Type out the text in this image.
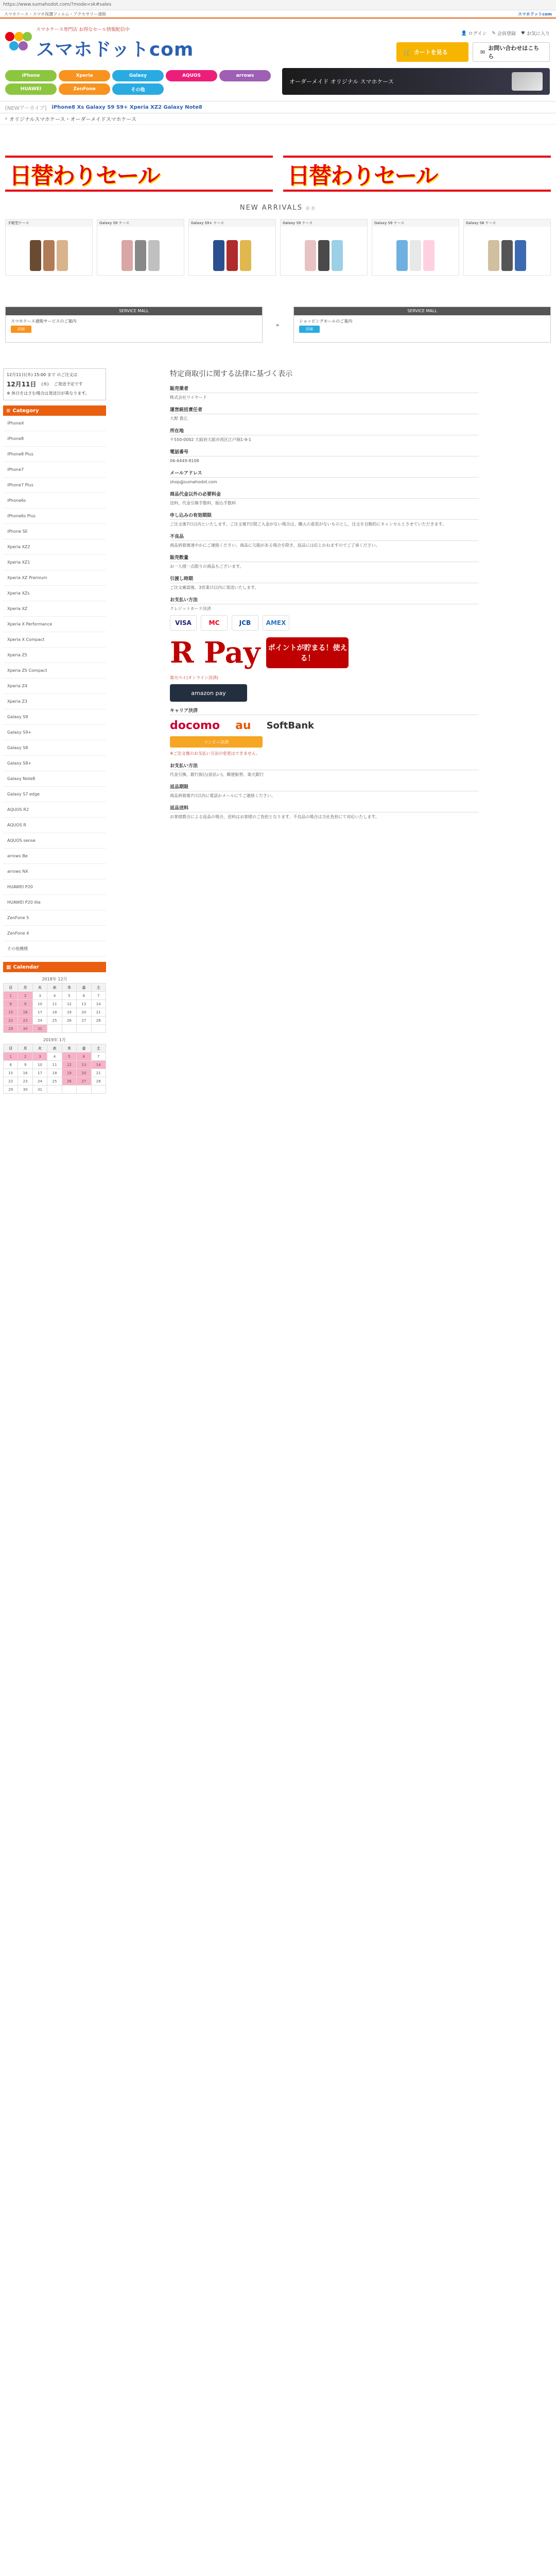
https://www.sumahodot.com/?mode=sk#sales
スマホケース・スマホ保護フィルム・アクセサリー通販	スマホドットcom
スマホケース専門店 お得なセール情報配信中
スマホドットcom
👤 ログイン ✎ 会員登録 ♥ お気に入り
🛒 カートを見る	✉
お問い合わせはこちら
iPhone	Xperia	Galaxy	AQUOS	arrows
HUAWEI	ZenFone	その他
オーダーメイド オリジナル スマホケース
[NEWアーカイブ] iPhone8 Xs Galaxy S9 S9+ Xperia XZ2 Galaxy Note8
› オリジナルスマホケース・オーダーメイドスマホケース
日替わりセール	日替わりセール
NEW ARRIVALS 新着
手帳型ケース	Galaxy S9 ケース	Galaxy S9+ ケース	Galaxy S9 ケース	Galaxy S9 ケース	Galaxy S8 ケース
SERVICE MALL
スマホケース通販サービスのご案内
詳細
▸
SERVICE MALL
ショッピングモールのご案内
詳細
12月11日(木) 15:00 まで のご注文は
12月11日 (水) ご発送予定です
※ 休日をはさむ場合は発送日が異なります。
≡ Category
iPhoneX
iPhone8
iPhone8 Plus
iPhone7
iPhone7 Plus
iPhone6s
iPhone6s Plus
iPhone SE
Xperia XZ2
Xperia XZ1
Xperia XZ Premium
Xperia XZs
Xperia XZ
Xperia X Performance
Xperia X Compact
Xperia Z5
Xperia Z5 Compact
Xperia Z4
Xperia Z3
Galaxy S9
Galaxy S9+
Galaxy S8
Galaxy S8+
Galaxy Note8
Galaxy S7 edge
AQUOS R2
AQUOS R
AQUOS sense
arrows Be
arrows NX
HUAWEI P20
HUAWEI P20 lite
ZenFone 5
ZenFone 4
その他機種
▦ Calendar
2018年 12月
日	月	火	水	木	金	土
1	2	3	4	5	6	7
8	9	10	11	12	13	14
15	16	17	18	19	20	21
22	23	24	25	26	27	28
29	30	31				
2019年 1月
日	月	火	水	木	金	土
1	2	3	4	5	6	7
8	9	10	11	12	13	14
15	16	17	18	19	20	21
22	23	24	25	26	27	28
29	30	31				
特定商取引に関する法律に基づく表示
販売業者

株式会社ワイヤード

運営統括責任者

大野 貴広

所在地

〒550-0002 大阪府大阪市西区江戸堀1-9-1

電話番号

06-6449-8108

メールアドレス

shop@sumahodot.com

商品代金以外の必要料金

送料、代金引換手数料、振込手数料

申し込みの有効期限

ご注文後7日以内といたします。ご注文後7日間ご入金がない場合は、購入の意思がないものとし、注文を自動的にキャンセルとさせていただきます。

不良品

商品到着後速やかにご連絡ください。商品に欠陥がある場合を除き、返品には応じかねますのでご了承ください。

販売数量

お一人様一点限りの商品もございます。

引渡し時期

ご注文確認後、3営業日以内に発送いたします。

お支払い方法

クレジットカード決済

VISA	MC	JCB	AMEX
R Pay ポイントが貯まる！使える！

楽天ペイ(オンライン決済)

amazon pay
キャリア決済
docomo au SoftBank
コンビニ決済

※ご注文後のお支払い方法の変更はできません。

お支払い方法

代金引換、銀行振込(前払い)、郵便振替、楽天銀行

返品期限

商品到着後7日以内に電話かメールにてご連絡ください。

返品送料

お客様都合による返品の場合、送料はお客様のご負担となります。不良品の場合は当社負担にて対応いたします。
